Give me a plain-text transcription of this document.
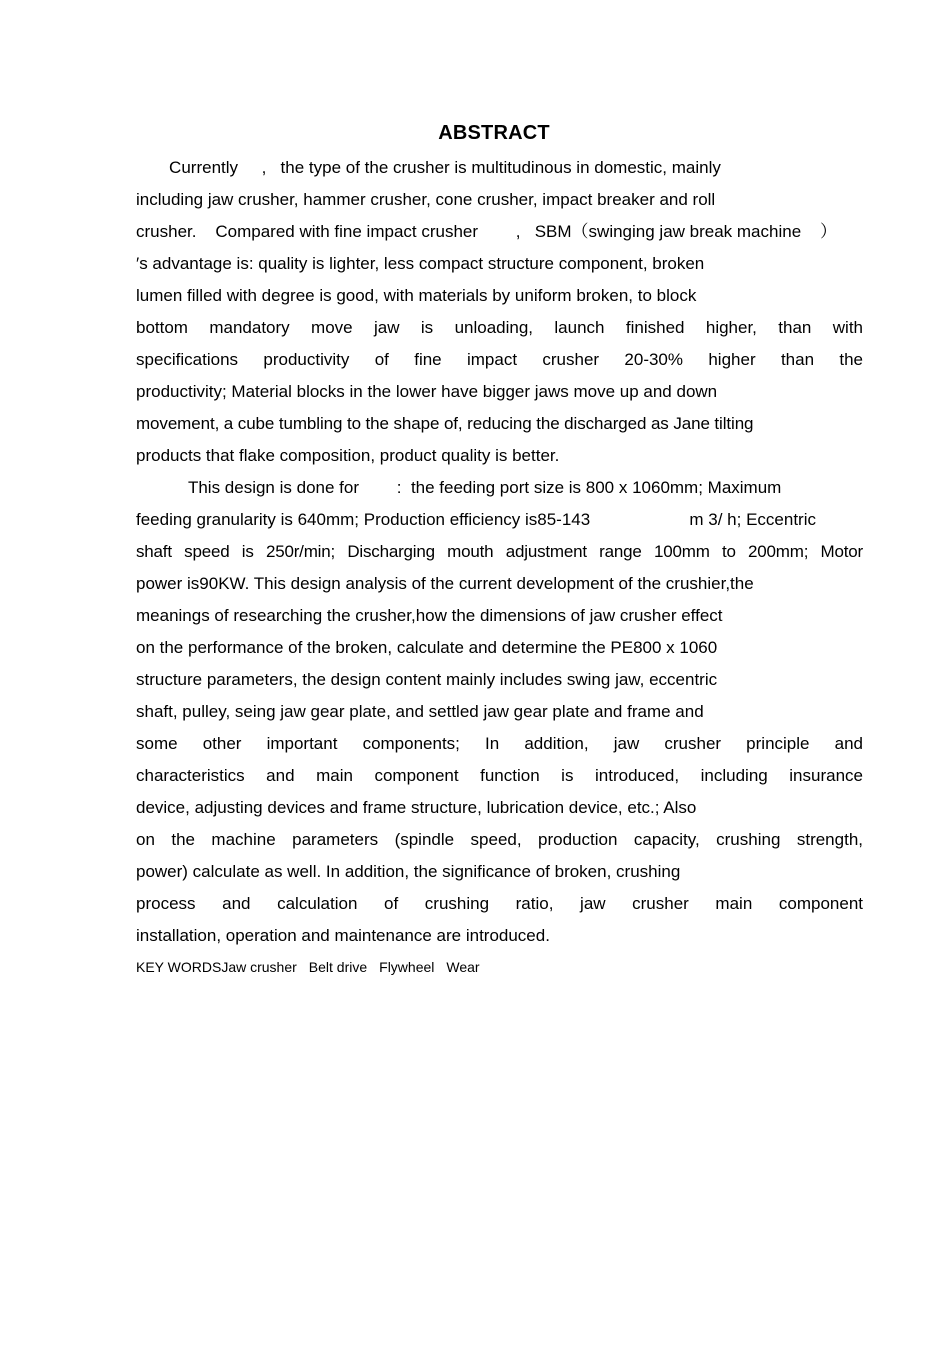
ABSTRACT
Currently     ,   the type of the crusher is multitudinous in domestic, mainly
including jaw crusher, hammer crusher, cone crusher, impact breaker and roll
crusher.    Compared with fine impact crusher        ,   SBM（swinging jaw break machine    ）
′s advantage is: quality is lighter, less compact structure component, broken
lumen filled with degree is good, with materials by uniform broken, to block
bottom mandatory move jaw is unloading, launch finished higher, than with
specifications productivity of fine impact crusher 20-30% higher than the
productivity; Material blocks in the lower have bigger jaws move up and down
movement, a cube tumbling to the shape of, reducing the discharged as Jane tilting
products that flake composition, product quality is better.
This design is done for        :  the feeding port size is 800 x 1060mm; Maximum
feeding granularity is 640mm; Production efficiency is85-143                     m 3/ h; Eccentric
shaft speed is 250r/min; Discharging mouth adjustment range 100mm to 200mm; Motor
power is90KW. This design analysis of the current development of the crushier,the
meanings of researching the crusher,how the dimensions of jaw crusher effect
on the performance of the broken, calculate and determine the PE800 x 1060
structure parameters, the design content mainly includes swing jaw, eccentric
shaft, pulley, seing jaw gear plate, and settled jaw gear plate and frame and
some other important components; In addition, jaw crusher principle and
characteristics and main component function is introduced, including insurance
device, adjusting devices and frame structure, lubrication device, etc.; Also
on the machine parameters (spindle speed, production capacity, crushing strength,
power) calculate as well. In addition, the significance of broken, crushing
process and calculation of crushing ratio, jaw crusher main component
installation, operation and maintenance are introduced.
KEY WORDSJaw crusher Belt drive Flywheel Wear
